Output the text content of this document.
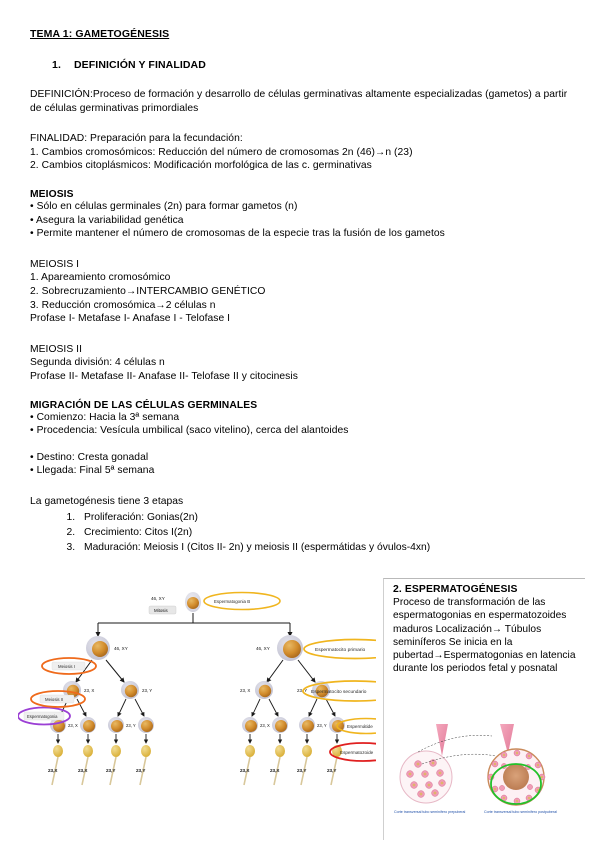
TEMA 1: GAMETOGÉNESIS
1. DEFINICIÓN Y FINALIDAD

DEFINICIÓN:Proceso de formación y desarrollo de células germinativas altamente especializadas (gametos) a partir de células germinativas primordiales

FINALIDAD: Preparación para la fecundación:

1. Cambios cromosómicos: Reducción del número de cromosomas 2n (46)→n (23)
2. Cambios citoplásmicos: Modificación morfológica de las c. germinativas
MEIOSIS
• Sólo en células germinales (2n) para formar gametos (n)
• Asegura la variabilidad genética
• Permite mantener el número de cromosomas de la especie tras la fusión de los gametos

MEIOSIS I

1. Apareamiento cromosómico
2. Sobrecruzamiento→INTERCAMBIO GENÉTICO
3. Reducción cromosómica→2 células n
Profase I- Metafase I- Anafase I - Telofase I

MEIOSIS II

Segunda división: 4 células n
Profase II- Metafase II- Anafase II- Telofase II y citocinesis
MIGRACIÓN DE LAS CÉLULAS GERMINALES
• Comienzo: Hacia la 3ª semana
• Procedencia: Vesícula umbilical (saco vitelino), cerca del alantoides
• Destino: Cresta gonadal
• Llegada: Final 5ª semana

La gametogénesis tiene 3 etapas

1. Proliferación: Gonias(2n)
2. Crecimiento: Citos I(2n)
3. Maduración: Meiosis I (Citos II- 2n) y meiosis II (espermátidas y óvulos-4xn)
2. ESPERMATOGÉNESIS

Proceso de transformación de las espermatogonias en espermatozoides maduros Localización→ Túbulos seminíferos Se inicia en la pubertad→Espermatogonias en latencia durante los periodos fetal y posnatal

46, XY
Mitosis
46, XY	46, XY
23, X	23, Y	23, X	23, Y
23, X	23, Y	23, X	23, Y
23,X	23,X	23,Y	23,Y	23,X	23,X	23,Y	23,Y
Espermatogonia B
Espermatocito primario
Espermatocito secundario
Espermátide
Espermatozoide
Espermatogonia
Meiosis I
Meiosis II
Corte transversal tubo seminífero prepuberal	Corte transversal tubo seminífero postpuberal
